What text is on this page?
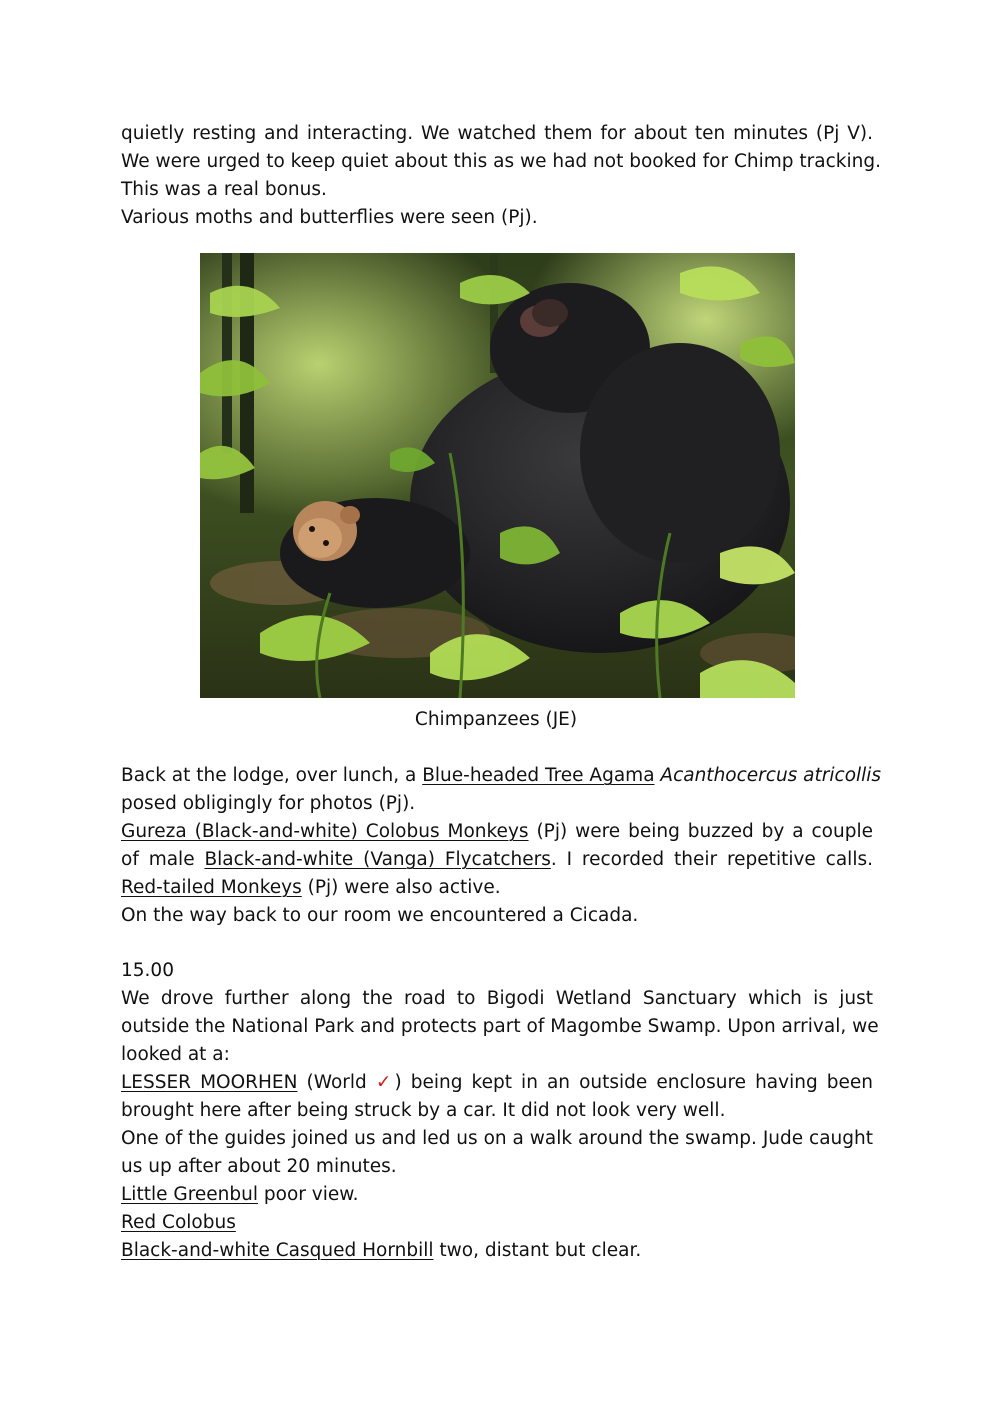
quietly resting and interacting. We watched them for about ten minutes (Pj V).
We were urged to keep quiet about this as we had not booked for Chimp tracking.
This was a real bonus.
Various moths and butterflies were seen (Pj).
Chimpanzees (JE)
Back at the lodge, over lunch, a Blue-headed Tree Agama Acanthocercus atricollis
posed obligingly for photos (Pj).
Gureza (Black-and-white) Colobus Monkeys (Pj) were being buzzed by a couple
of male Black-and-white (Vanga) Flycatchers. I recorded their repetitive calls.
Red-tailed Monkeys (Pj) were also active.
On the way back to our room we encountered a Cicada.
15.00
We drove further along the road to Bigodi Wetland Sanctuary which is just
outside the National Park and protects part of Magombe Swamp. Upon arrival, we
looked at a:
LESSER MOORHEN (World ✓) being kept in an outside enclosure having been
brought here after being struck by a car. It did not look very well.
One of the guides joined us and led us on a walk around the swamp. Jude caught
us up after about 20 minutes.
Little Greenbul poor view.
Red Colobus
Black-and-white Casqued Hornbill two, distant but clear.
